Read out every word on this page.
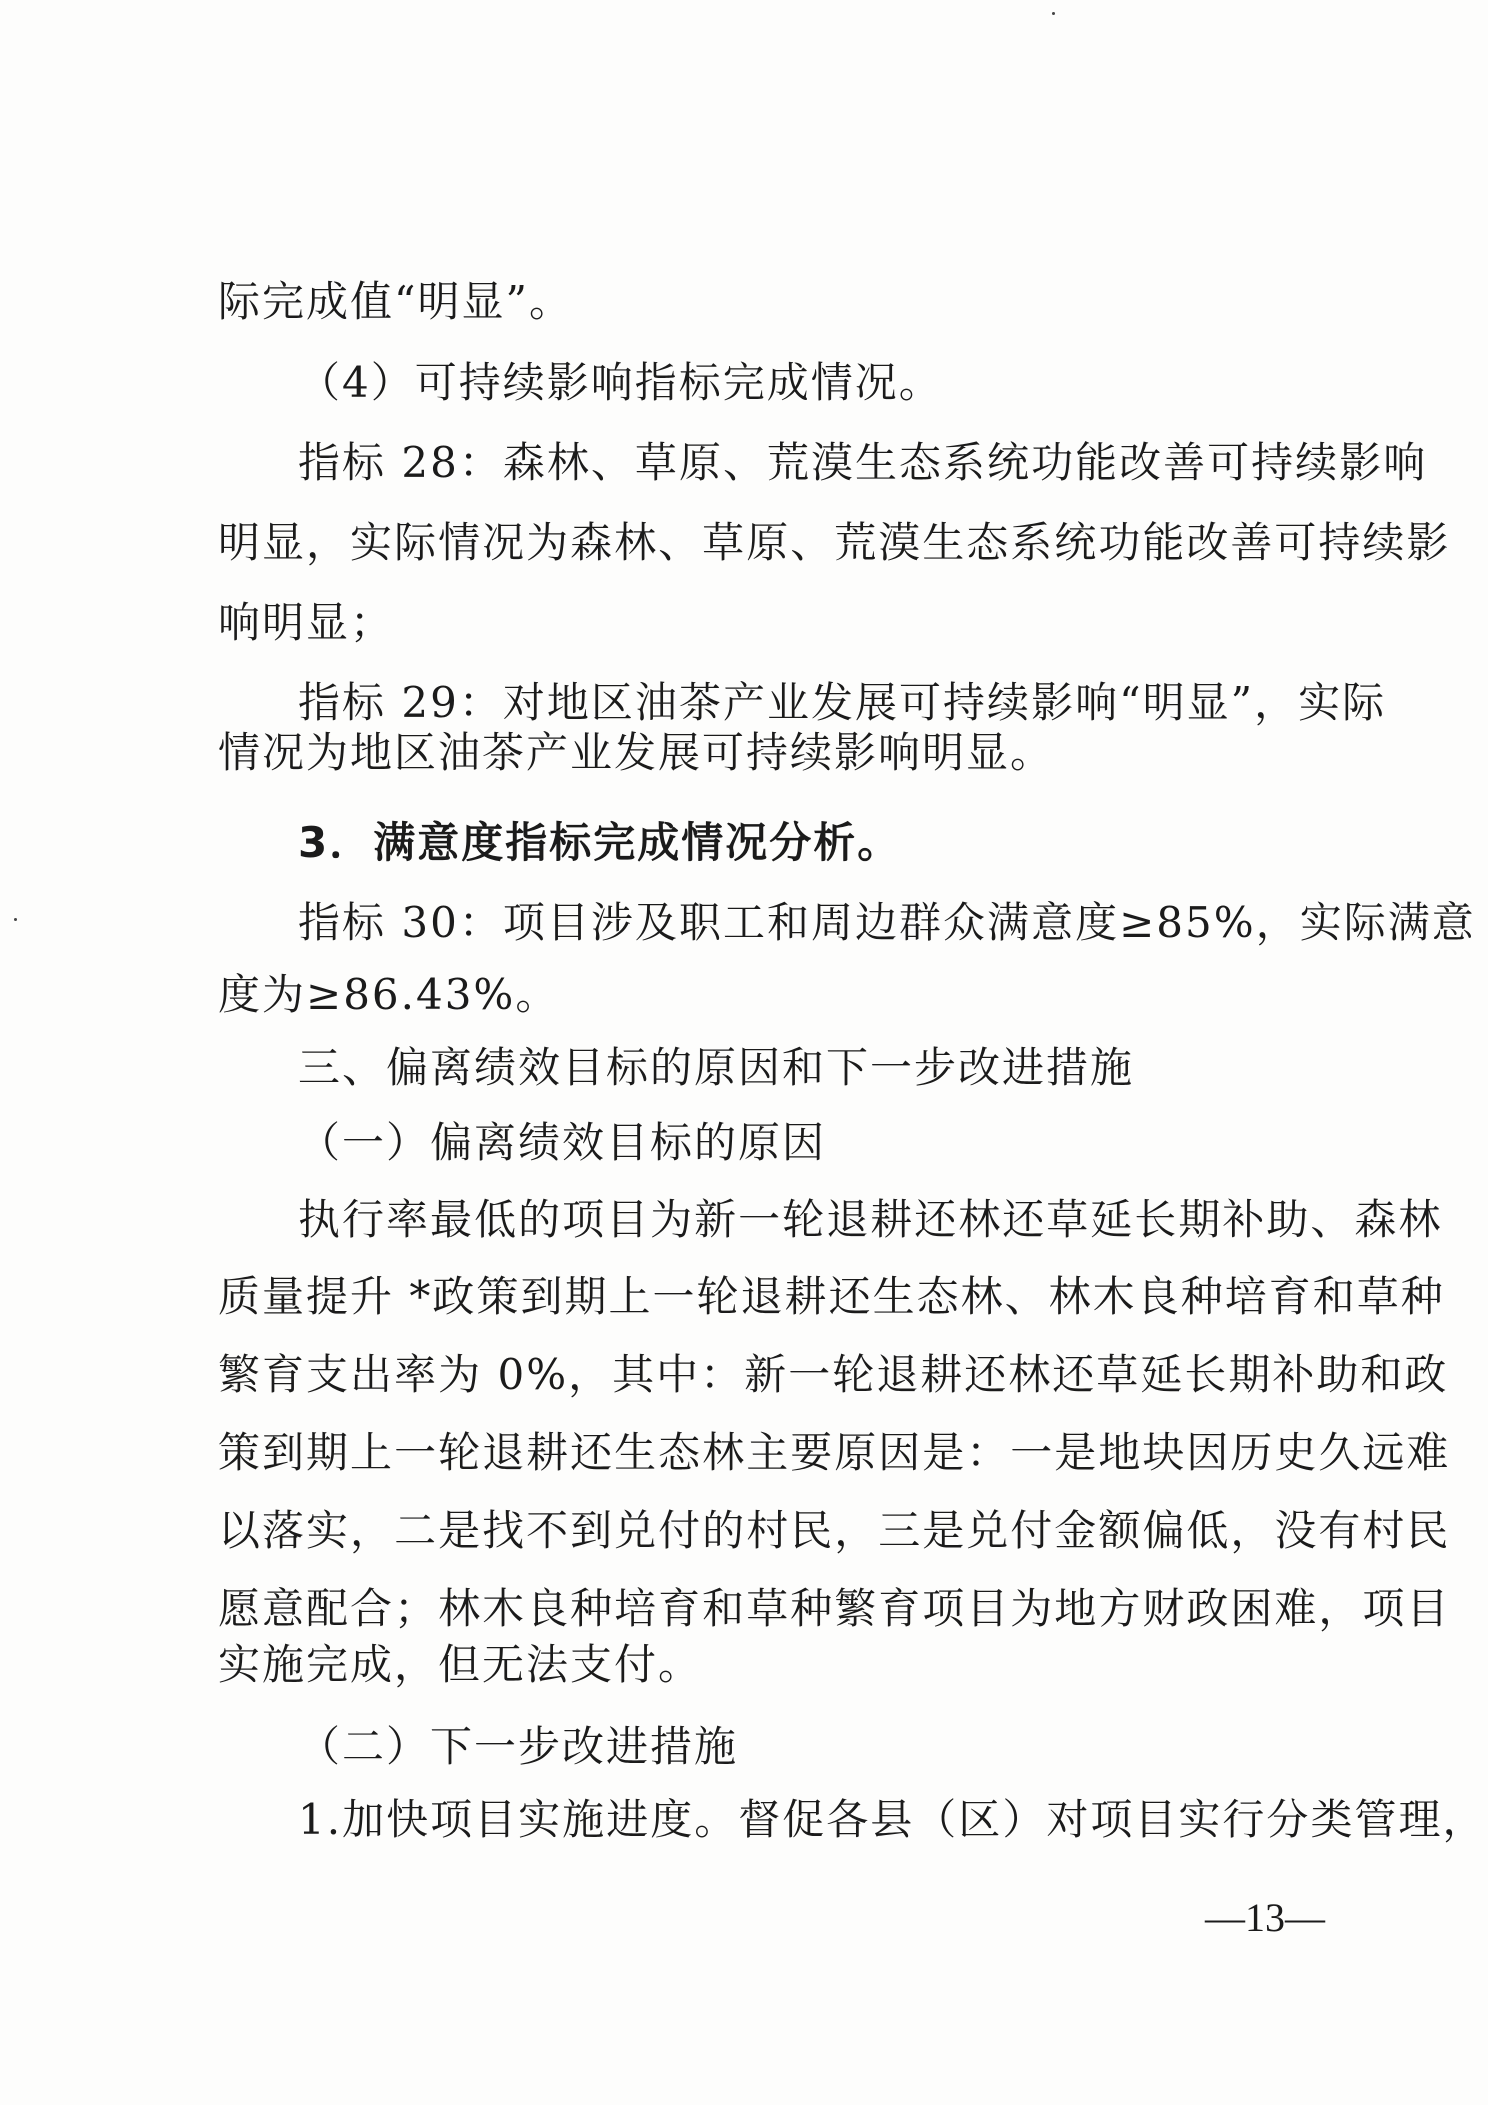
际完成值“明显”。
（4）可持续影响指标完成情况。
指 标
2 8 ： 森 林 、 草 原 、 荒 漠 生 态 系 统 功 能 改 善 可 持 续 影 响
明 显 ， 实 际 情 况 为 森 林 、 草 原 、 荒 漠 生 态 系 统 功 能 改 善 可 持 续 影
响明显；
指 标
2 9 ： 对 地 区 油 茶 产 业 发 展 可 持 续 影 响 “ 明 显 ” ， 实 际
情况为地区油茶产业发展可持续影响明显。
3．满意度指标完成情况分析。
指 标
3 0 ： 项 目 涉 及 职 工 和 周 边 群 众 满 意 度 ≥ 8 5 % ， 实 际 满 意
度为≥86.43%。
三、偏离绩效目标的原因和下一步改进措施
（一）偏离绩效目标的原因
执 行 率 最 低 的 项 目 为 新 一 轮 退 耕 还 林 还 草 延 长 期 补 助 、 森 林
质 量 提 升
* 政 策 到 期 上 一 轮 退 耕 还 生 态 林 、 林 木 良 种 培 育 和 草 种
繁 育 支 出 率 为
0 % ， 其 中 ： 新 一 轮 退 耕 还 林 还 草 延 长 期 补 助 和 政
策 到 期 上 一 轮 退 耕 还 生 态 林 主 要 原 因 是 ： 一 是 地 块 因 历 史 久 远 难
以 落 实 ， 二 是 找 不 到 兑 付 的 村 民 ， 三 是 兑 付 金 额 偏 低 ， 没 有 村 民
愿 意 配 合 ； 林 木 良 种 培 育 和 草 种 繁 育 项 目 为 地 方 财 政 困 难 ， 项 目
实施完成，但无法支付。
（二）下一步改进措施
1 . 加 快 项 目 实 施 进 度 。 督 促 各 县 （ 区 ） 对 项 目 实 行 分 类 管 理 ，
—13—
